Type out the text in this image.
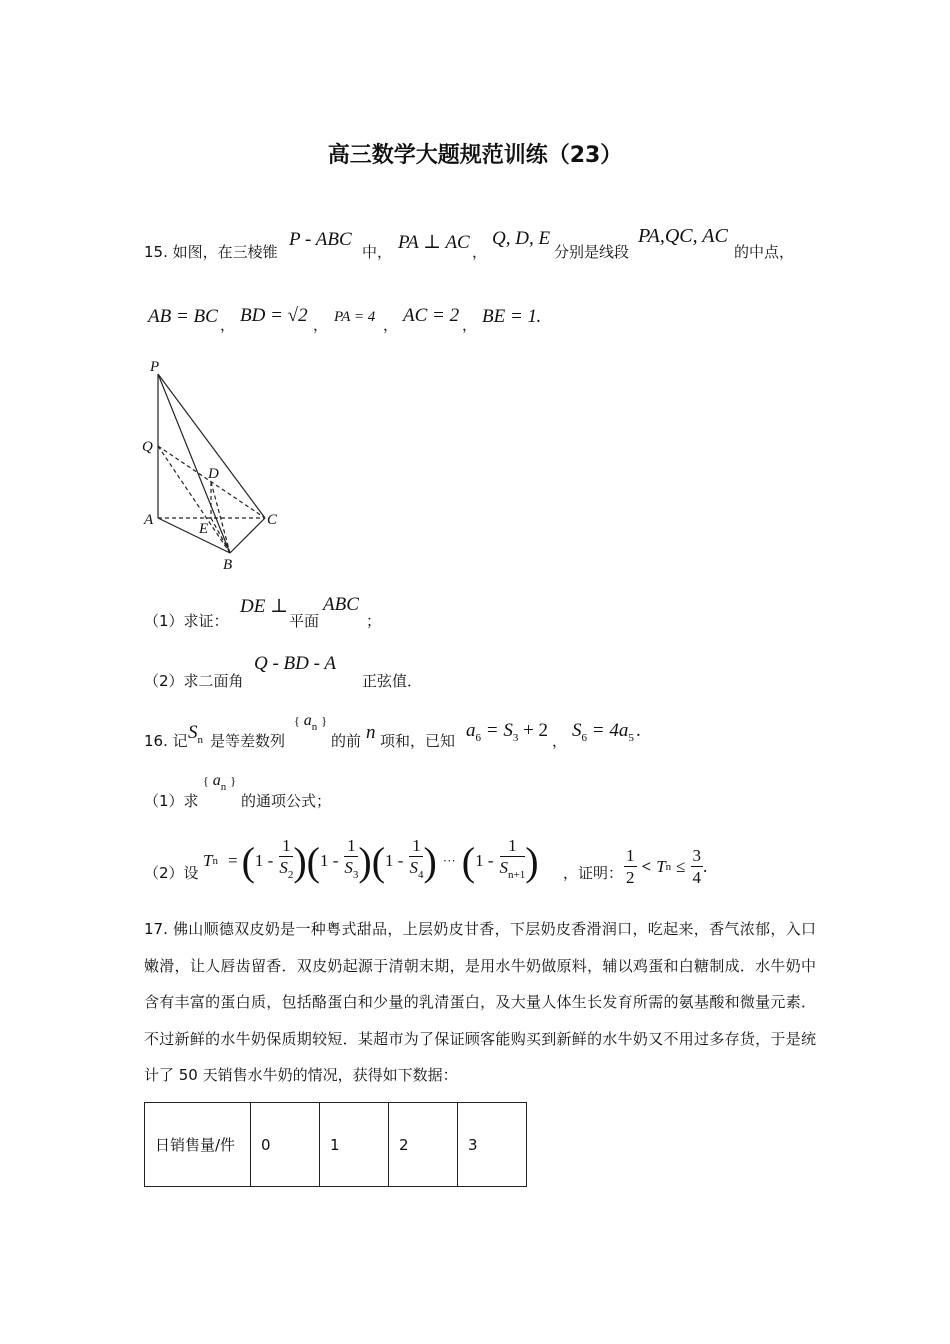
高三数学大题规范训练（23）
15. 如图，在三棱锥
P - ABC
中， PA ⊥ AC ，
Q, D, E
分别是线段
PA,QC, AC
的中点，
AB = BC ， BD = √2 ， PA = 4 ， AC = 2 ， BE = 1
.
P
Q
D
A
E
C
B
（1）求证：
DE ⊥
平面
ABC
；
（2）求二面角
Q - BD - A
正弦值．
16. 记 $S_n$ 是等差数列
{ $a_n$ }
的前 n 项和，已知 $a_6 = S_3 + 2$ ， $S_6 = 4a_5$ .
（1）求
{ $a_n$ }
的通项公式；
（2）设
T n = ( $1 - \frac{1}{S_2}$ )( $1 - \frac{1}{S_3}$ )( $1 - \frac{1}{S_4}$ ) ··· ( $1 - \frac{1}{S_{n+1}}$ ) ，证明： $\frac{1}{2} < T$ $n \le \frac{3}{4}$ .
17. 佛山顺德双皮奶是一种粤式甜品，上层奶皮甘香，下层奶皮香滑润口，吃起来，香气浓郁，入口嫩滑，让人唇齿留香．双皮奶起源于清朝末期，是用水牛奶做原料，辅以鸡蛋和白糖制成．水牛奶中含有丰富的蛋白质，包括酪蛋白和少量的乳清蛋白，及大量人体生长发育所需的氨基酸和微量元素．不过新鲜的水牛奶保质期较短．某超市为了保证顾客能购买到新鲜的水牛奶又不用过多存货，于是统计了 50 天销售水牛奶的情况，获得如下数据：
日销售量/件	0	1	2	3
